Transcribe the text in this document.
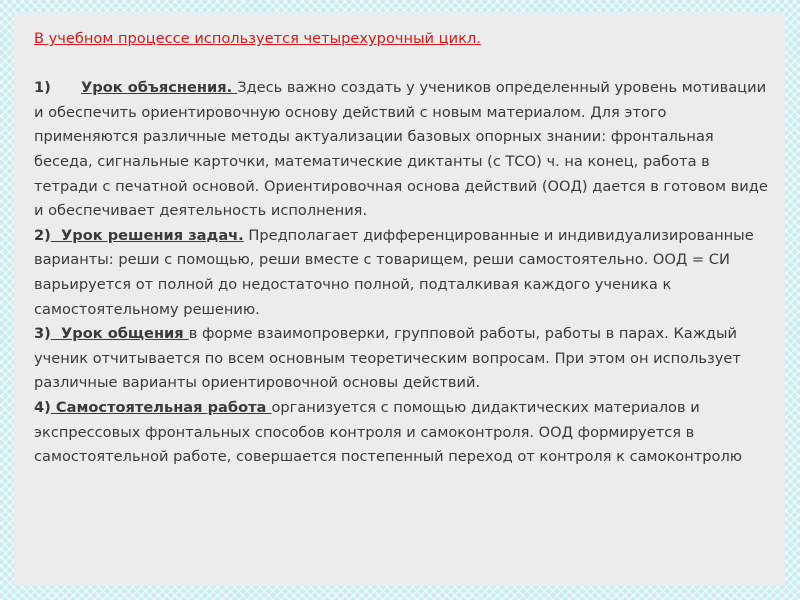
В учебном процессе используется четырехурочный цикл.

1) Урок объяснения. Здесь важно создать у учеников определенный уровень мотивации и обеспечить ориентировочную основу действий с новым материалом. Для этого применяются различные методы актуализации базовых опорных знании: фронтальная беседа, сигнальные карточки, математические диктанты (с ТСО) ч. на конец, работа в тетради с печатной основой. Ориентировочная основа действий (ООД) дается в готовом виде и обеспечивает деятельность исполнения.

2)  Урок решения задач. Предполагает дифференцированные и индивидуализированные варианты: реши с помощью, реши вместе с товарищем, реши самостоятельно. ООД = СИ варьируется от полной до недостаточно полной, подталкивая каждого ученика к самостоятельному решению.

3)  Урок общения в форме взаимопроверки, групповой работы, работы в парах. Каждый ученик отчитывается по всем основным теоретическим вопросам. При этом он использует различные варианты ориентировочной основы действий.

4) Самостоятельная работа организуется с помощью дидактических материалов и экспрессовых фронтальных способов контроля и самоконтроля. ООД формируется в самостоятельной работе, совершается постепенный переход от контроля к самоконтролю
